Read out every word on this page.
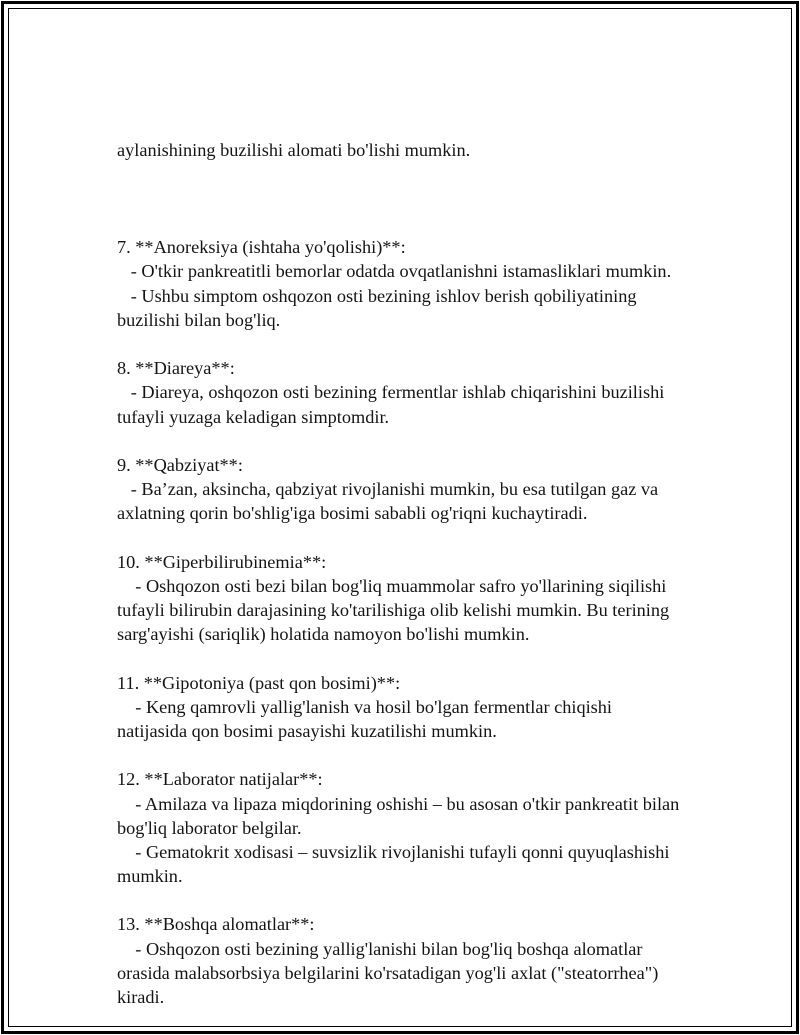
aylanishining buzilishi alomati bo'lishi mumkin.

7. **Anoreksiya (ishtaha yo'qolishi)**:
- O'tkir pankreatitli bemorlar odatda ovqatlanishni istamasliklari mumkin.
- Ushbu simptom oshqozon osti bezining ishlov berish qobiliyatining
buzilishi bilan bog'liq.
8. **Diareya**:
- Diareya, oshqozon osti bezining fermentlar ishlab chiqarishini buzilishi
tufayli yuzaga keladigan simptomdir.
9. **Qabziyat**:
- Ba’zan, aksincha, qabziyat rivojlanishi mumkin, bu esa tutilgan gaz va
axlatning qorin bo'shlig'iga bosimi sababli og'riqni kuchaytiradi.
10. **Giperbilirubinemia**:
- Oshqozon osti bezi bilan bog'liq muammolar safro yo'llarining siqilishi
tufayli bilirubin darajasining ko'tarilishiga olib kelishi mumkin. Bu terining
sarg'ayishi (sariqlik) holatida namoyon bo'lishi mumkin.
11. **Gipotoniya (past qon bosimi)**:
- Keng qamrovli yallig'lanish va hosil bo'lgan fermentlar chiqishi
natijasida qon bosimi pasayishi kuzatilishi mumkin.
12. **Laborator natijalar**:
- Amilaza va lipaza miqdorining oshishi – bu asosan o'tkir pankreatit bilan
bog'liq laborator belgilar.
- Gematokrit xodisasi – suvsizlik rivojlanishi tufayli qonni quyuqlashishi
mumkin.
13. **Boshqa alomatlar**:
- Oshqozon osti bezining yallig'lanishi bilan bog'liq boshqa alomatlar
orasida malabsorbsiya belgilarini ko'rsatadigan yog'li axlat ("steatorrhea")
kiradi.
